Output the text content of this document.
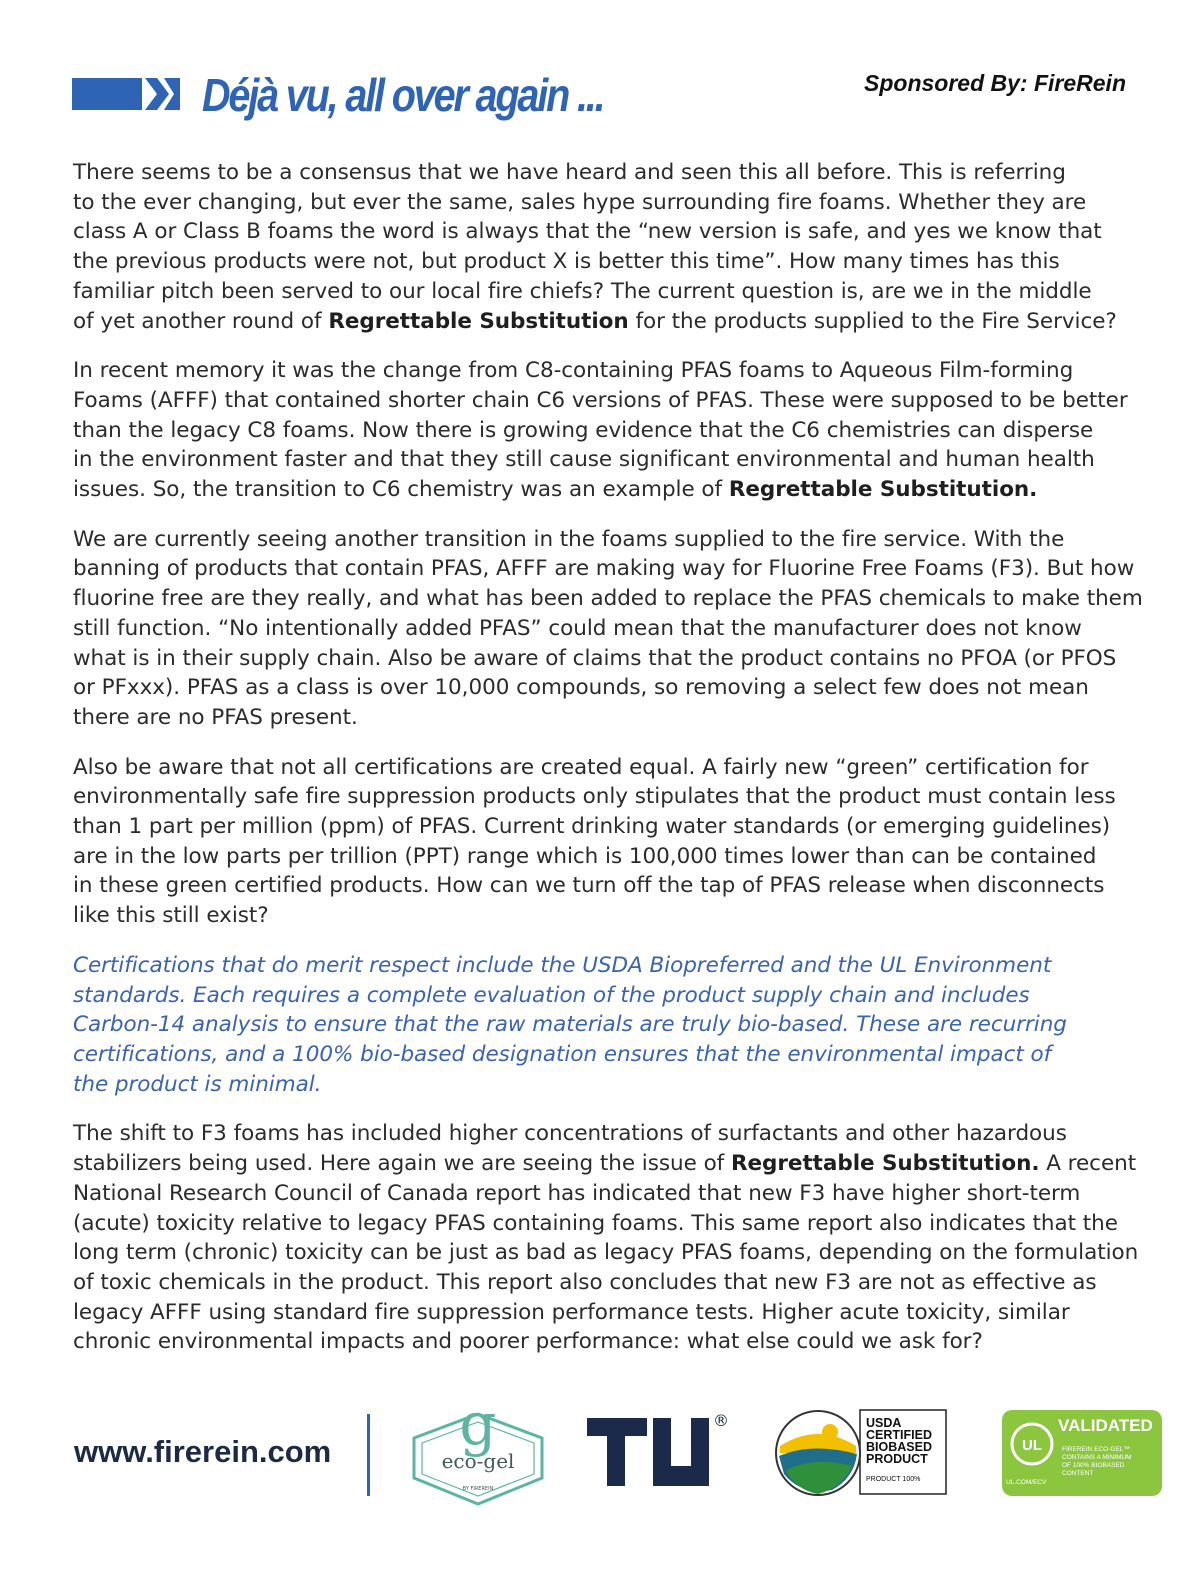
Déjà vu, all over again ...	Sponsored By: FireRein

There seems to be a consensus that we have heard and seen this all before. This is referring
to the ever changing, but ever the same, sales hype surrounding fire foams. Whether they are
class A or Class B foams the word is always that the “new version is safe, and yes we know that
the previous products were not, but product X is better this time”. How many times has this
familiar pitch been served to our local fire chiefs? The current question is, are we in the middle
of yet another round of Regrettable Substitution for the products supplied to the Fire Service?

In recent memory it was the change from C8-containing PFAS foams to Aqueous Film-forming
Foams (AFFF) that contained shorter chain C6 versions of PFAS. These were supposed to be better
than the legacy C8 foams. Now there is growing evidence that the C6 chemistries can disperse
in the environment faster and that they still cause significant environmental and human health
issues. So, the transition to C6 chemistry was an example of Regrettable Substitution.

We are currently seeing another transition in the foams supplied to the fire service. With the
banning of products that contain PFAS, AFFF are making way for Fluorine Free Foams (F3). But how
fluorine free are they really, and what has been added to replace the PFAS chemicals to make them
still function. “No intentionally added PFAS” could mean that the manufacturer does not know
what is in their supply chain. Also be aware of claims that the product contains no PFOA (or PFOS
or PFxxx). PFAS as a class is over 10,000 compounds, so removing a select few does not mean
there are no PFAS present.

Also be aware that not all certifications are created equal. A fairly new “green” certification for
environmentally safe fire suppression products only stipulates that the product must contain less
than 1 part per million (ppm) of PFAS. Current drinking water standards (or emerging guidelines)
are in the low parts per trillion (PPT) range which is 100,000 times lower than can be contained
in these green certified products. How can we turn off the tap of PFAS release when disconnects
like this still exist?

Certifications that do merit respect include the USDA Biopreferred and the UL Environment
standards. Each requires a complete evaluation of the product supply chain and includes
Carbon-14 analysis to ensure that the raw materials are truly bio-based. These are recurring
certifications, and a 100% bio-based designation ensures that the environmental impact of
the product is minimal.

The shift to F3 foams has included higher concentrations of surfactants and other hazardous
stabilizers being used. Here again we are seeing the issue of Regrettable Substitution. A recent
National Research Council of Canada report has indicated that new F3 have higher short-term
(acute) toxicity relative to legacy PFAS containing foams. This same report also indicates that the
long term (chronic) toxicity can be just as bad as legacy PFAS foams, depending on the formulation
of toxic chemicals in the product. This report also concludes that new F3 are not as effective as
legacy AFFF using standard fire suppression performance tests. Higher acute toxicity, similar
chronic environmental impacts and poorer performance: what else could we ask for?

www.firerein.com g
eco-gel
BY FIREREIN
®	USDA
CERTIFIED
BIOBASED
PRODUCT
PRODUCT 100%
UL
VALIDATED
FIREREIN ECO-GEL™
CONTAINS A MINIMUM
OF 100% BIOBASED
CONTENT
UL.COM/ECV
